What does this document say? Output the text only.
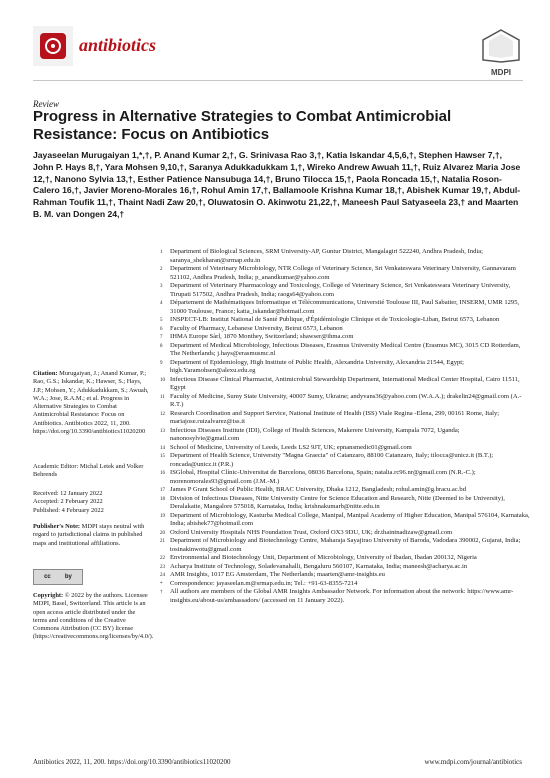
antibiotics
MDPI
Review
Progress in Alternative Strategies to Combat Antimicrobial Resistance: Focus on Antibiotics
Jayaseelan Murugaiyan 1,*,†, P. Anand Kumar 2,†, G. Srinivasa Rao 3,†, Katia Iskandar 4,5,6,†, Stephen Hawser 7,†, John P. Hays 8,†, Yara Mohsen 9,10,†, Saranya Adukkadukkam 1,†, Wireko Andrew Awuah 11,†, Ruiz Alvarez Maria Jose 12,†, Nanono Sylvia 13,†, Esther Patience Nansubuga 14,†, Bruno Tilocca 15,†, Paola Roncada 15,†, Natalia Roson-Calero 16,†, Javier Moreno-Morales 16,†, Rohul Amin 17,†, Ballamoole Krishna Kumar 18,†, Abishek Kumar 19,†, Abdul-Rahman Toufik 11,†, Thaint Nadi Zaw 20,†, Oluwatosin O. Akinwotu 21,22,†, Maneesh Paul Satyaseela 23,† and Maarten B. M. van Dongen 24,†
1 Department of Biological Sciences, SRM University-AP, Guntur District, Mangalagiri 522240, Andhra Pradesh, India; saranya_shekharan@srmap.edu.in
2 Department of Veterinary Microbiology, NTR College of Veterinary Science, Sri Venkateswara Veterinary University, Gannavaram 521102, Andhra Pradesh, India; p_anandkumar@yahoo.com
3 Department of Veterinary Pharmacology and Toxicology, College of Veterinary Science, Sri Venkateswara Veterinary University, Tirupati 517502, Andhra Pradesh, India; raogs64@yahoo.com
4 Département de Mathématiques Informatique et Télécommunications, Université Toulouse III, Paul Sabatier, INSERM, UMR 1295, 31000 Toulouse, France; katia_iskandar@hotmail.com
5 INSPECT-LB: Institut National de Santé Publique, d'Épidémiologie Clinique et de Toxicologie-Liban, Beirut 6573, Lebanon
6 Faculty of Pharmacy, Lebanese University, Beirut 6573, Lebanon
7 IHMA Europe Sàrl, 1870 Monthey, Switzerland; shawser@ihma.com
8 Department of Medical Microbiology, Infectious Diseases, Erasmus University Medical Centre (Erasmus MC), 3015 CD Rotterdam, The Netherlands; j.hays@erasmusmc.nl
9 Department of Epidemiology, High Institute of Public Health, Alexandria University, Alexandria 21544, Egypt; high.Yaramohsen@alexu.edu.eg
10 Infectious Disease Clinical Pharmacist, Antimicrobial Stewardship Department, International Medical Center Hospital, Cairo 11511, Egypt
11 Faculty of Medicine, Sumy State University, 40007 Sumy, Ukraine; andyvans36@yahoo.com (W.A.A.); drakelin24@gmail.com (A.-R.T.)
12 Research Coordination and Support Service, National Institute of Health (ISS) Viale Regina -Elena, 299, 00161 Rome, Italy; mariajose.ruizalvarez@iss.it
13 Infectious Diseases Institute (IDI), College of Health Sciences, Makerere University, Kampala 7072, Uganda; nanonosylvie@gmail.com
14 School of Medicine, University of Leeds, Leeds LS2 9JT, UK; epnansmedic01@gmail.com
15 Department of Health Science, University "Magna Graecia" of Catanzaro, 88100 Catanzaro, Italy; tilocca@unicz.it (B.T.); roncada@unicz.it (P.R.)
16 ISGlobal, Hospital Clínic-Universitat de Barcelona, 08036 Barcelona, Spain; natalia.rc96.nr@gmail.com (N.R.-C.); morenomorales93@gmail.com (J.M.-M.)
17 James P Grant School of Public Health, BRAC University, Dhaka 1212, Bangladesh; rohul.amin@g.bracu.ac.bd
18 Division of Infectious Diseases, Nitte University Centre for Science Education and Research, Nitte (Deemed to be University), Deralakatte, Mangalore 575018, Karnataka, India; krishnakumarb@nitte.edu.in
19 Department of Microbiology, Kasturba Medical College, Manipal, Manipal Academy of Higher Education, Manipal 576104, Karnataka, India; abishek77@hotmail.com
20 Oxford University Hospitals NHS Foundation Trust, Oxford OX3 9DU, UK; dr.thaintnadizaw@gmail.com
21 Department of Microbiology and Biotechnology Centre, Maharaja Sayajirao University of Baroda, Vadodara 390002, Gujarat, India; tosinakinwotu@gmail.com
22 Environmental and Biotechnology Unit, Department of Microbiology, University of Ibadan, Ibadan 200132, Nigeria
23 Acharya Institute of Technology, Soladevanahalli, Bengaluru 560107, Karnataka, India; maneesh@acharya.ac.in
24 AMR Insights, 1017 EG Amsterdam, The Netherlands; maarten@amr-insights.eu
* Correspondence: jayaseelan.m@srmap.edu.in; Tel.: +91-63-8355-7214
† All authors are members of the Global AMR Insights Ambassador Network. For information about the network: https://www.amr-insights.eu/about-us/ambassadors/ (accessed on 11 January 2022).
Citation: Murugaiyan, J.; Anand Kumar, P.; Rao, G.S.; Iskandar, K.; Hawser, S.; Hays, J.P.; Mohsen, Y.; Adukkadukkam, S.; Awuah, W.A.; Jose, R.A.M.; et al. Progress in Alternative Strategies to Combat Antimicrobial Resistance: Focus on Antibiotics. Antibiotics 2022, 11, 200. https://doi.org/10.3390/antibiotics11020200
Academic Editor: Michal Letek and Volker Behrends
Received: 12 January 2022
Accepted: 2 February 2022
Published: 4 February 2022
Publisher's Note: MDPI stays neutral with regard to jurisdictional claims in published maps and institutional affiliations.
cc by
Copyright: © 2022 by the authors. Licensee MDPI, Basel, Switzerland. This article is an open access article distributed under the terms and conditions of the Creative Commons Attribution (CC BY) license (https://creativecommons.org/licenses/by/4.0/).
Antibiotics 2022, 11, 200. https://doi.org/10.3390/antibiotics11020200	www.mdpi.com/journal/antibiotics
